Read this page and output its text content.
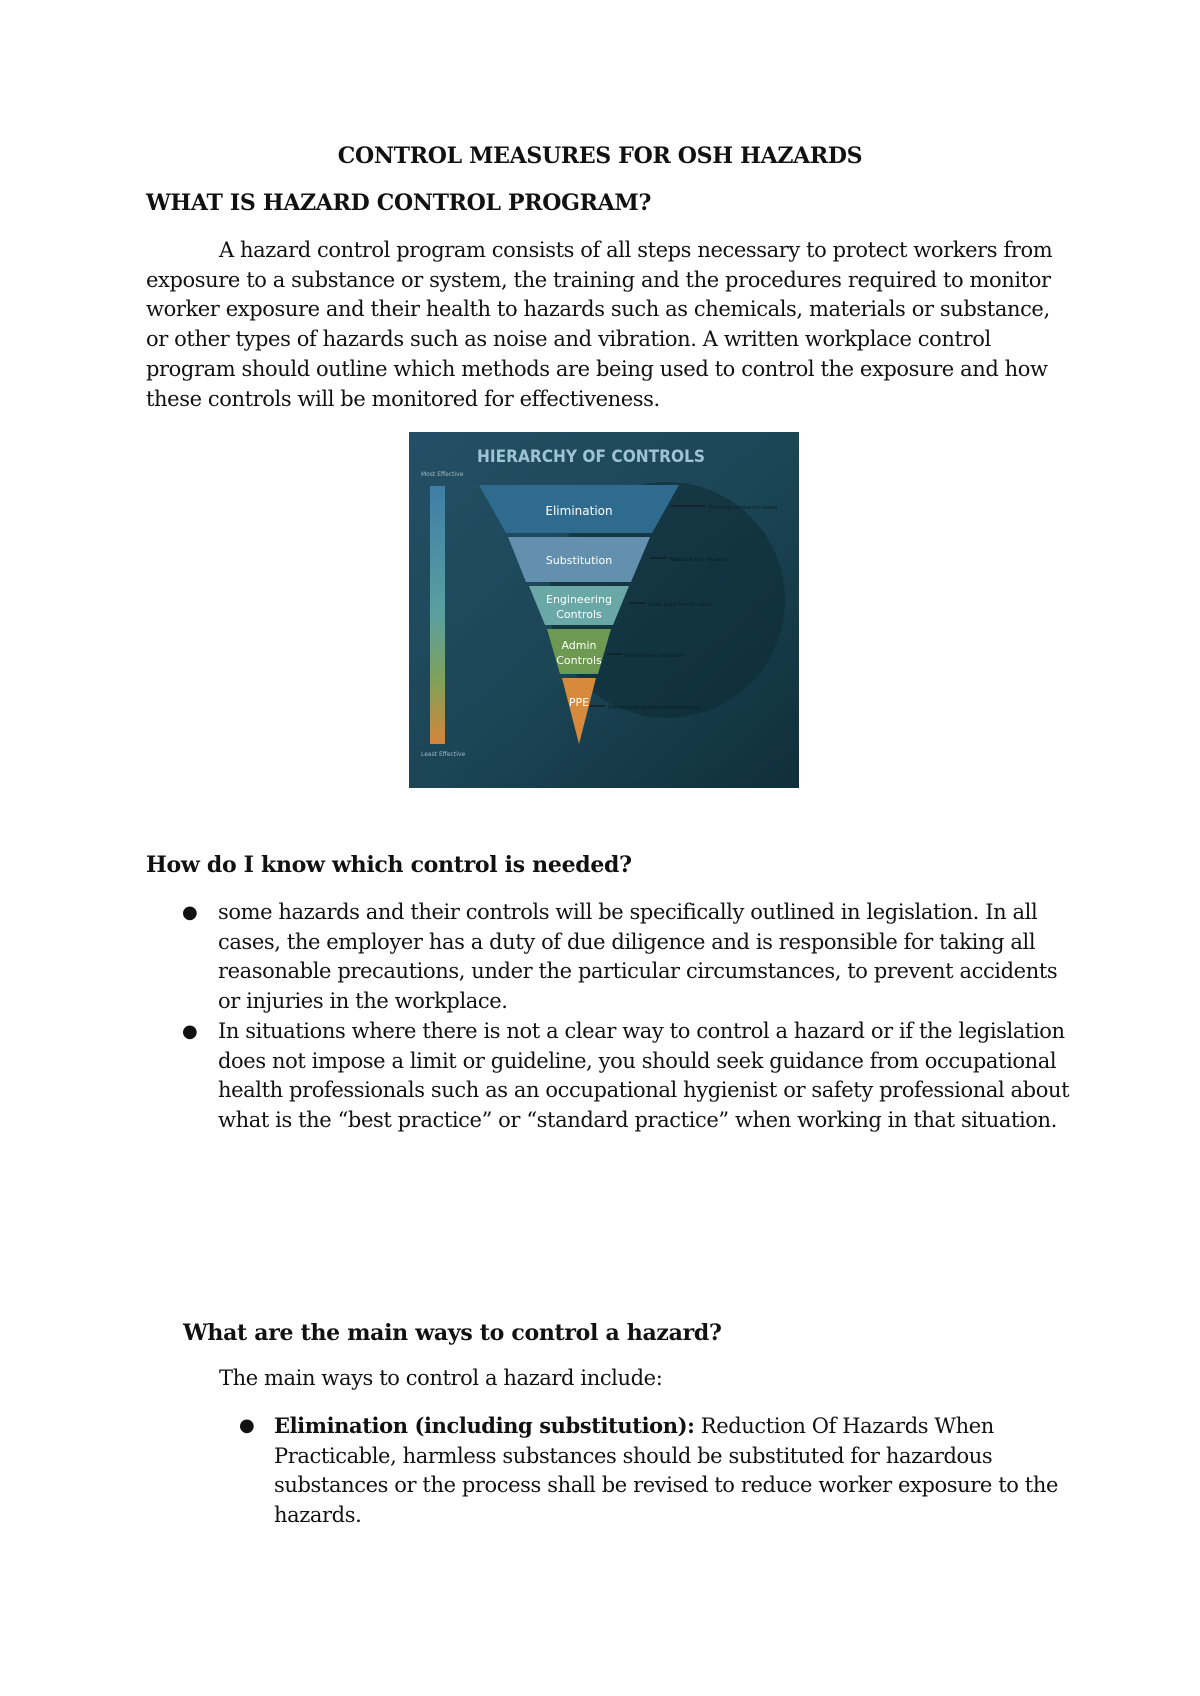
CONTROL MEASURES FOR OSH HAZARDS
WHAT IS HAZARD CONTROL PROGRAM?

A hazard control program consists of all steps necessary to protect workers from exposure to a substance or system, the training and the procedures required to monitor worker exposure and their health to hazards such as chemicals, materials or substance, or other types of hazards such as noise and vibration. A written workplace control program should outline which methods are being used to control the exposure and how these controls will be monitored for effectiveness.

HIERARCHY OF CONTROLS
Most Effective
Least Effective
Elimination
Substitution
Engineering
Controls
Admin
Controls
PPE
Physically remove the hazard
Replace the hazard
Isolate people from the hazard
Change the way people work
Protect the worker with Personal Protective Equipment
How do I know which control is needed?
● some hazards and their controls will be specifically outlined in legislation. In all cases, the employer has a duty of due diligence and is responsible for taking all reasonable precautions, under the particular circumstances, to prevent accidents or injuries in the workplace.
● In situations where there is not a clear way to control a hazard or if the legislation does not impose a limit or guideline, you should seek guidance from occupational health professionals such as an occupational hygienist or safety professional about what is the “best practice” or “standard practice” when working in that situation.
What are the main ways to control a hazard?

The main ways to control a hazard include:

● Elimination (including substitution): Reduction Of Hazards When Practicable, harmless substances should be substituted for hazardous substances or the process shall be revised to reduce worker exposure to the hazards.
